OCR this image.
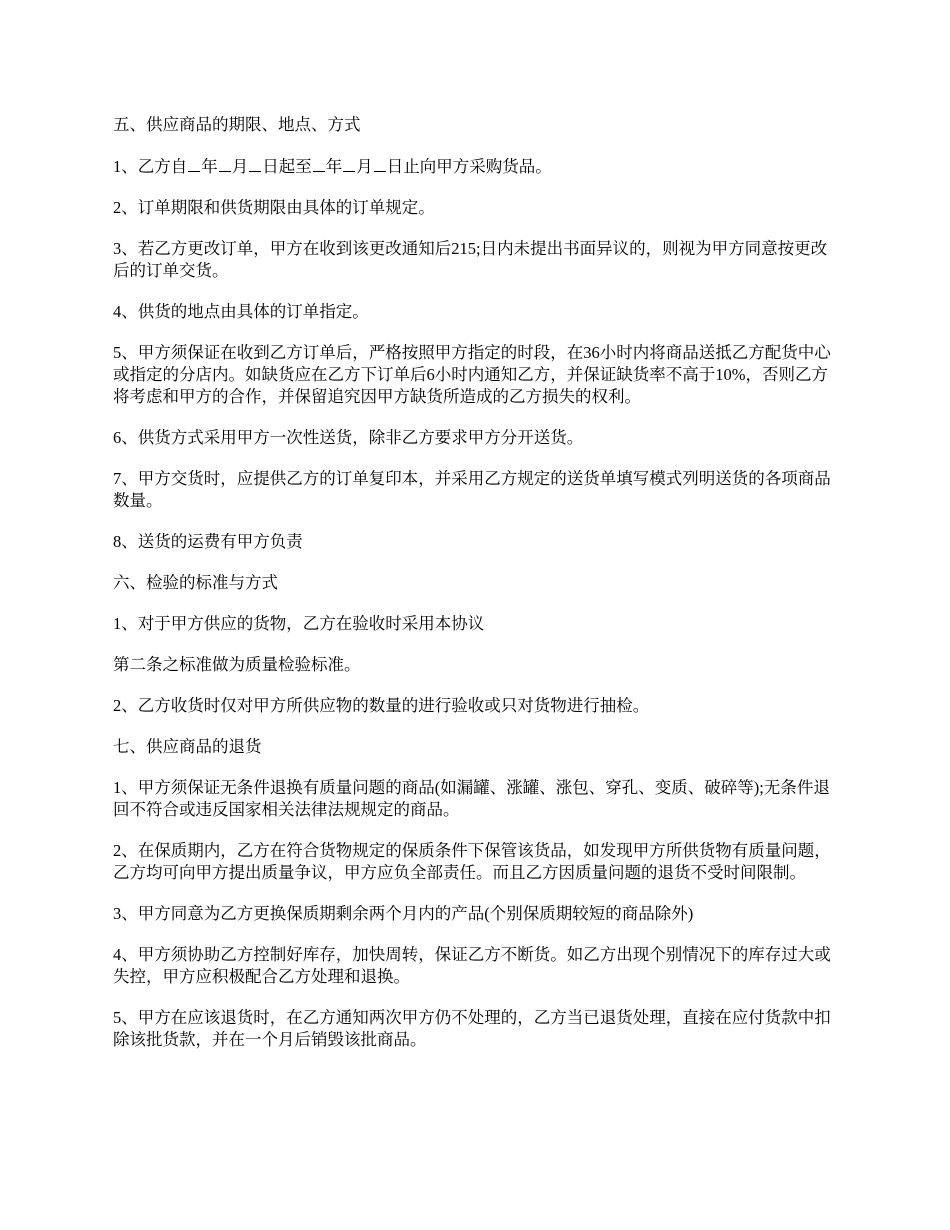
五、供应商品的期限、地点、方式

1、乙方自 年 月 日起至 年 月 日止向甲方采购货品。

2、订单期限和供货期限由具体的订单规定。

3、若乙方更改订单，甲方在收到该更改通知后215;日内未提出书面异议的，则视为甲方同意按更改后的订单交货。

4、供货的地点由具体的订单指定。

5、甲方须保证在收到乙方订单后，严格按照甲方指定的时段，在36小时内将商品送抵乙方配货中心或指定的分店内。如缺货应在乙方下订单后6小时内通知乙方，并保证缺货率不高于10%，否则乙方将考虑和甲方的合作，并保留追究因甲方缺货所造成的乙方损失的权利。

6、供货方式采用甲方一次性送货，除非乙方要求甲方分开送货。

7、甲方交货时，应提供乙方的订单复印本，并采用乙方规定的送货单填写模式列明送货的各项商品数量。

8、送货的运费有甲方负责

六、检验的标准与方式

1、对于甲方供应的货物，乙方在验收时采用本协议

第二条之标准做为质量检验标准。

2、乙方收货时仅对甲方所供应物的数量的进行验收或只对货物进行抽检。

七、供应商品的退货

1、甲方须保证无条件退换有质量问题的商品(如漏罐、涨罐、涨包、穿孔、变质、破碎等);无条件退回不符合或违反国家相关法律法规规定的商品。

2、在保质期内，乙方在符合货物规定的保质条件下保管该货品，如发现甲方所供货物有质量问题，乙方均可向甲方提出质量争议，甲方应负全部责任。而且乙方因质量问题的退货不受时间限制。

3、甲方同意为乙方更换保质期剩余两个月内的产品(个别保质期较短的商品除外)

4、甲方须协助乙方控制好库存，加快周转，保证乙方不断货。如乙方出现个别情况下的库存过大或失控，甲方应积极配合乙方处理和退换。

5、甲方在应该退货时，在乙方通知两次甲方仍不处理的，乙方当已退货处理，直接在应付货款中扣除该批货款，并在一个月后销毁该批商品。
